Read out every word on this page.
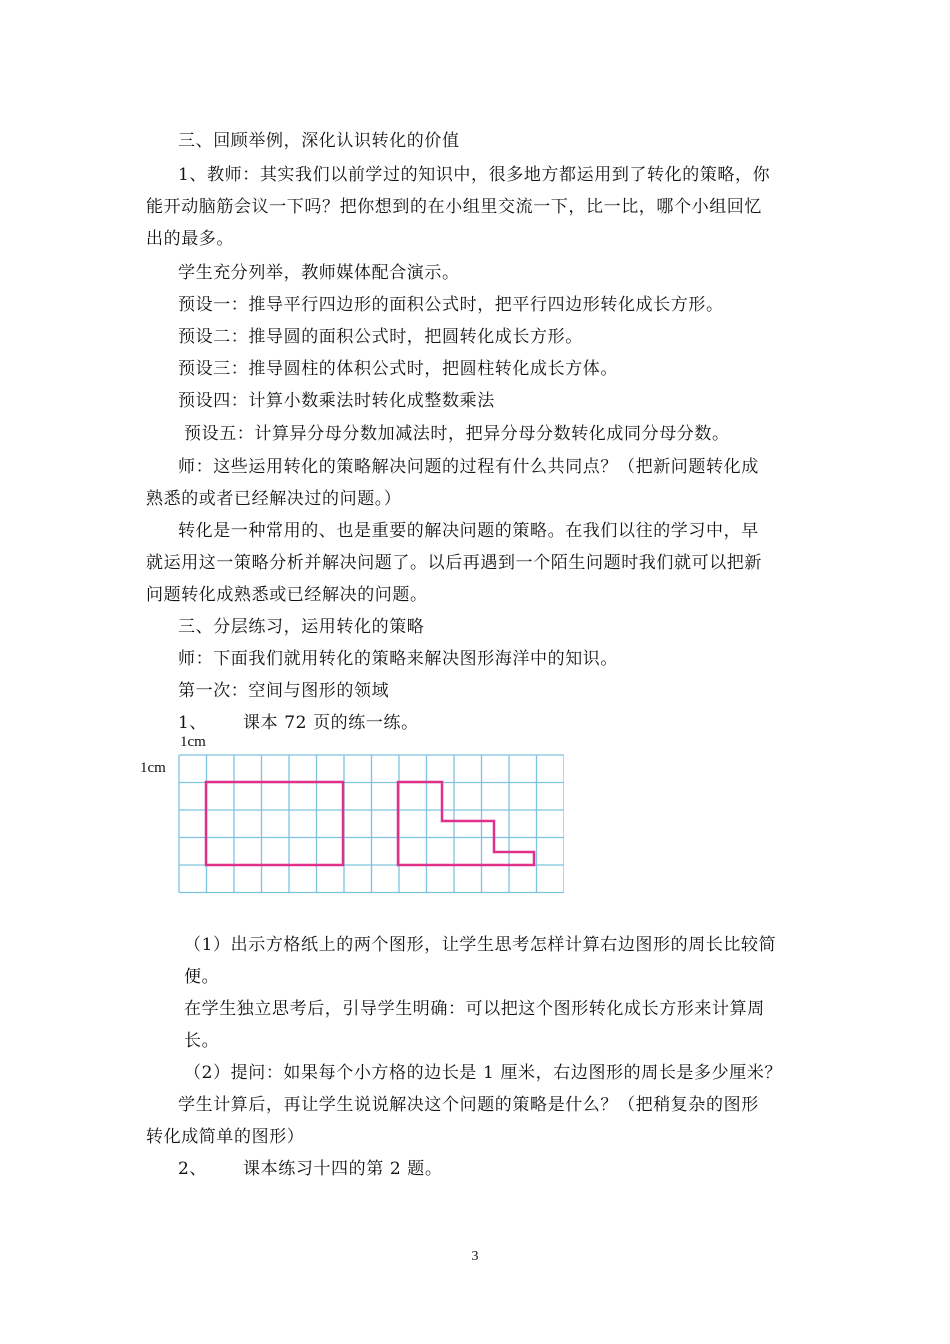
三、回顾举例，深化认识转化的价值
1、教师：其实我们以前学过的知识中，很多地方都运用到了转化的策略，你
能开动脑筋会议一下吗？把你想到的在小组里交流一下，比一比，哪个小组回忆
出的最多。
学生充分列举，教师媒体配合演示。
预设一：推导平行四边形的面积公式时，把平行四边形转化成长方形。
预设二：推导圆的面积公式时，把圆转化成长方形。
预设三：推导圆柱的体积公式时，把圆柱转化成长方体。
预设四：计算小数乘法时转化成整数乘法
预设五：计算异分母分数加减法时，把异分母分数转化成同分母分数。
师：这些运用转化的策略解决问题的过程有什么共同点？（把新问题转化成
熟悉的或者已经解决过的问题。）
转化是一种常用的、也是重要的解决问题的策略。在我们以往的学习中，早
就运用这一策略分析并解决问题了。以后再遇到一个陌生问题时我们就可以把新
问题转化成熟悉或已经解决的问题。
三、分层练习，运用转化的策略
师：下面我们就用转化的策略来解决图形海洋中的知识。
第一次：空间与图形的领域
1、      课本 72 页的练一练。
1cm
1cm
（1）出示方格纸上的两个图形，让学生思考怎样计算右边图形的周长比较简
便。
在学生独立思考后，引导学生明确：可以把这个图形转化成长方形来计算周
长。
（2）提问：如果每个小方格的边长是 1 厘米，右边图形的周长是多少厘米？
学生计算后，再让学生说说解决这个问题的策略是什么？（把稍复杂的图形
转化成简单的图形）
2、      课本练习十四的第 2 题。
3
